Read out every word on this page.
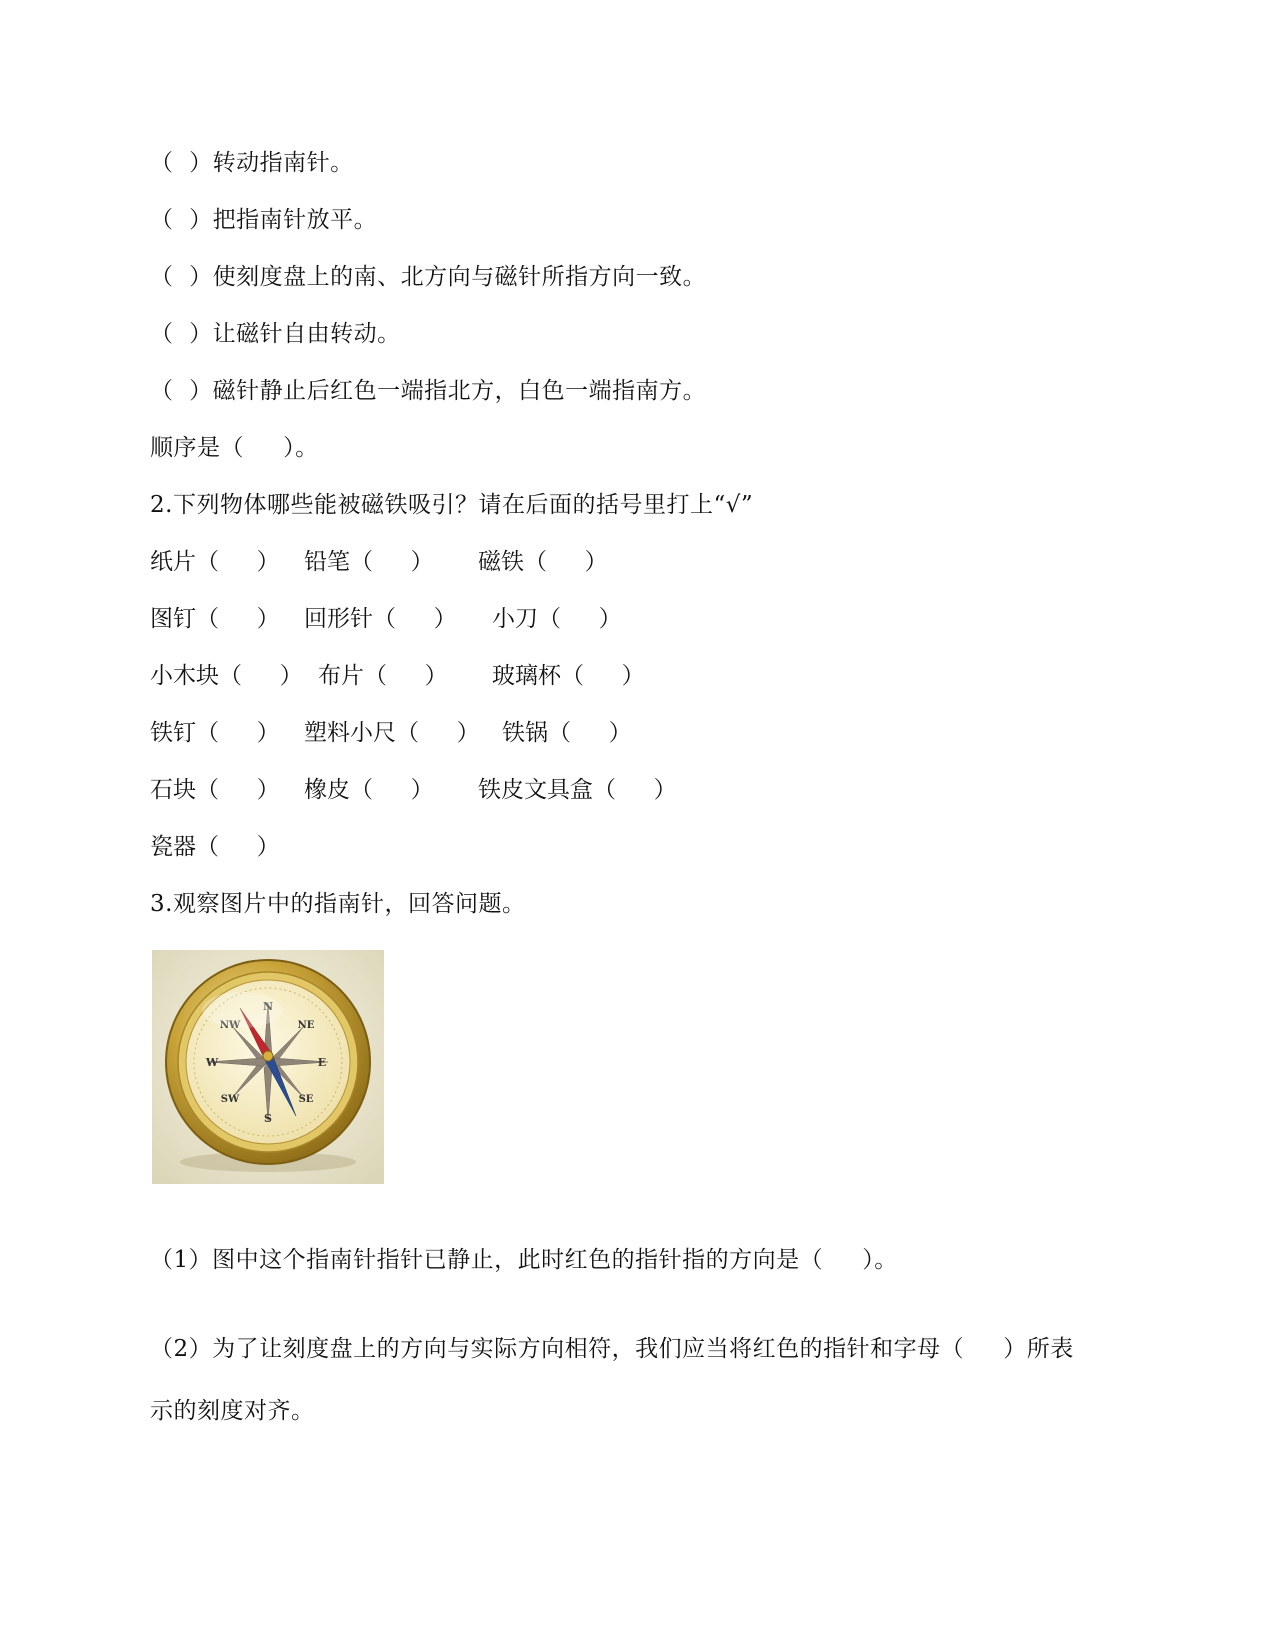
（  ）转动指南针。
（  ）把指南针放平。
（  ）使刻度盘上的南、北方向与磁针所指方向一致。
（  ）让磁针自由转动。
（  ）磁针静止后红色一端指北方，白色一端指南方。
顺序是（　  ）。
2.下列物体哪些能被磁铁吸引？请在后面的括号里打上“√”
纸片（　  ） 铅笔（　  ） 磁铁（　  ）
图钉（　  ） 回形针（　  ） 小刀（　  ）
小木块（　  ） 布片（　  ） 玻璃杯（　  ）
铁钉（　  ） 塑料小尺（　  ） 铁锅（　  ）
石块（　  ） 橡皮（　  ） 铁皮文具盒（　  ）
瓷器（　  ）
3.观察图片中的指南针，回答问题。
N
S
E
W
NE
NW
SE
SW
（1）图中这个指南针指针已静止，此时红色的指针指的方向是（　  ）。
（2）为了让刻度盘上的方向与实际方向相符，我们应当将红色的指针和字母（　  ）所表
示的刻度对齐。
